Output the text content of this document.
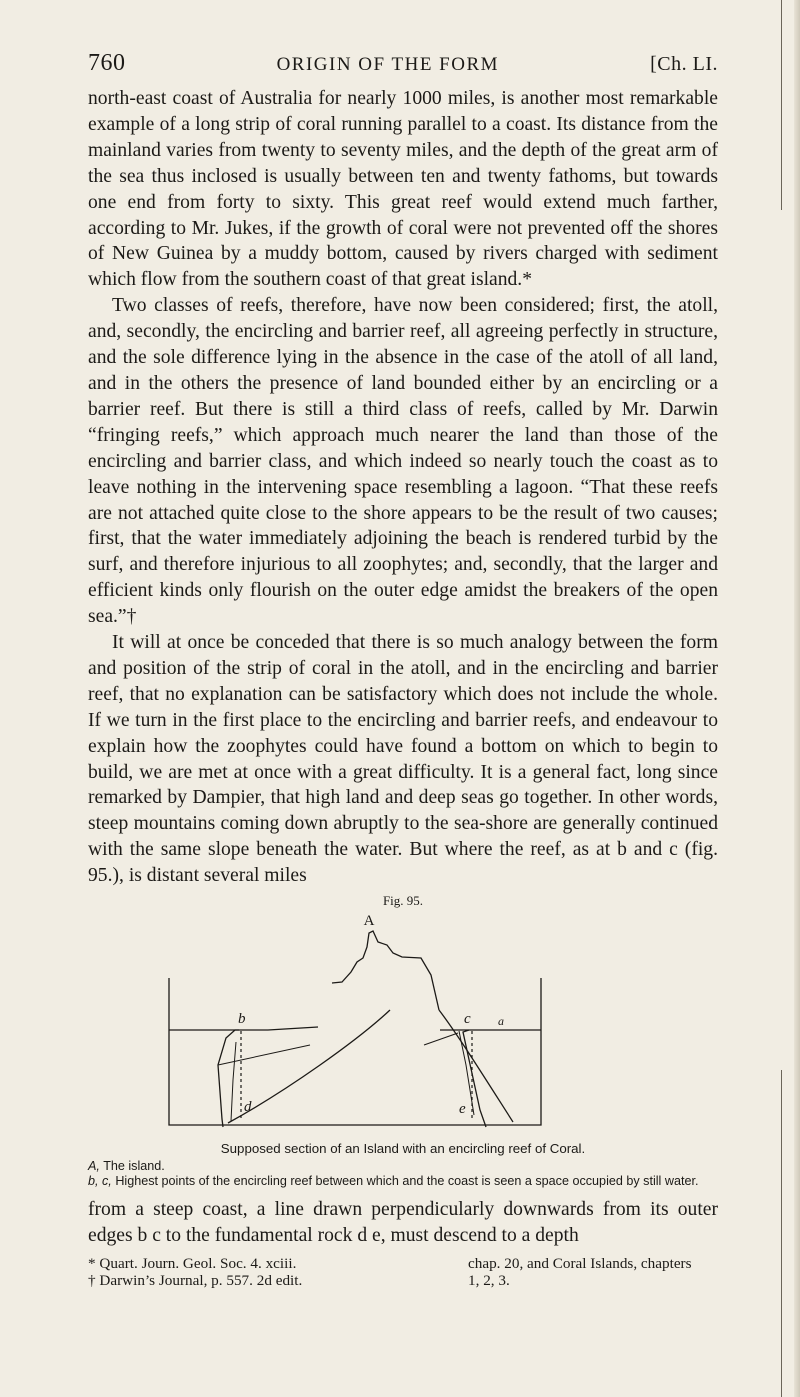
760	ORIGIN OF THE FORM	[Ch. LI.

north-east coast of Australia for nearly 1000 miles, is another most remarkable example of a long strip of coral running parallel to a coast. Its distance from the mainland varies from twenty to seventy miles, and the depth of the great arm of the sea thus inclosed is usually between ten and twenty fathoms, but towards one end from forty to sixty. This great reef would extend much farther, according to Mr. Jukes, if the growth of coral were not prevented off the shores of New Guinea by a muddy bottom, caused by rivers charged with sediment which flow from the southern coast of that great island.*

Two classes of reefs, therefore, have now been considered; first, the atoll, and, secondly, the encircling and barrier reef, all agreeing perfectly in structure, and the sole difference lying in the absence in the case of the atoll of all land, and in the others the presence of land bounded either by an encircling or a barrier reef. But there is still a third class of reefs, called by Mr. Darwin “fringing reefs,” which approach much nearer the land than those of the encircling and barrier class, and which indeed so nearly touch the coast as to leave nothing in the intervening space resembling a lagoon. “That these reefs are not attached quite close to the shore appears to be the result of two causes; first, that the water immediately adjoining the beach is rendered turbid by the surf, and therefore injurious to all zoophytes; and, secondly, that the larger and efficient kinds only flourish on the outer edge amidst the breakers of the open sea.”†

It will at once be conceded that there is so much analogy between the form and position of the strip of coral in the atoll, and in the encircling and barrier reef, that no explanation can be satisfactory which does not include the whole. If we turn in the first place to the encircling and barrier reefs, and endeavour to explain how the zoophytes could have found a bottom on which to begin to build, we are met at once with a great difficulty. It is a general fact, long since remarked by Dampier, that high land and deep seas go together. In other words, steep mountains coming down abruptly to the sea-shore are generally continued with the same slope beneath the water. But where the reef, as at b and c (fig. 95.), is distant several miles

Fig. 95.
A
b	c a
d	e
Supposed section of an Island with an encircling reef of Coral.
A, The island.
b, c, Highest points of the encircling reef between which and the coast is seen a space occupied by still water.

from a steep coast, a line drawn perpendicularly downwards from its outer edges b c to the fundamental rock d e, must descend to a depth

* Quart. Journ. Geol. Soc. 4. xciii.	chap. 20, and Coral Islands, chapters
† Darwin’s Journal, p. 557. 2d edit.	1, 2, 3.
